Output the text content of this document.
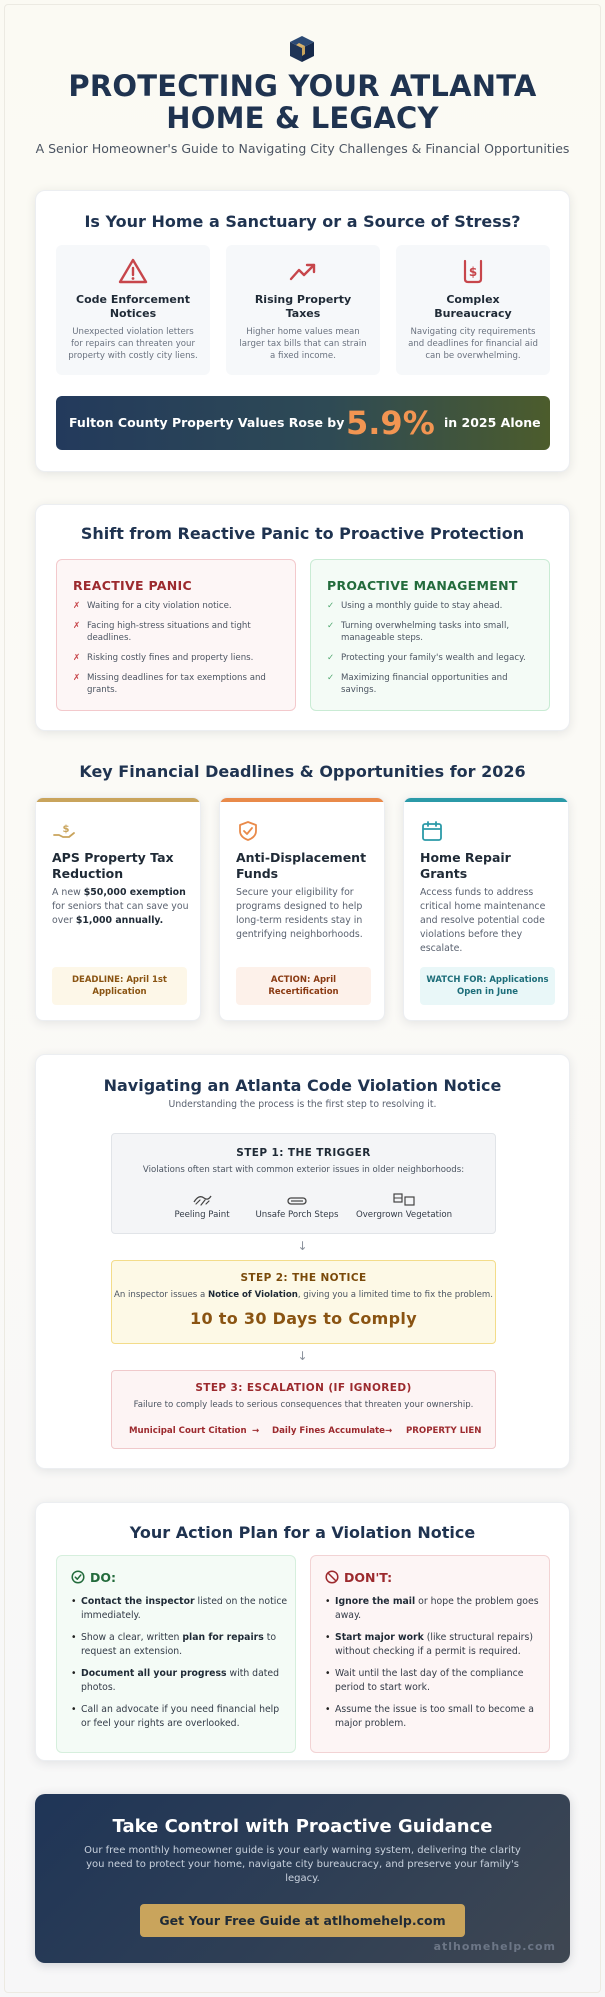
PROTECTING YOUR ATLANTA
HOME & LEGACY
A Senior Homeowner's Guide to Navigating City Challenges & Financial Opportunities
Is Your Home a Sanctuary or a Source of Stress?
Code Enforcement Notices
Unexpected violation letters for repairs can threaten your property with costly city liens.
Rising Property Taxes
Higher home values mean larger tax bills that can strain a fixed income.
$
Complex Bureaucracy
Navigating city requirements and deadlines for financial aid can be overwhelming.
Fulton County Property Values Rose by 5.9% in 2025 Alone
Shift from Reactive Panic to Proactive Protection
REACTIVE PANIC
✗ Waiting for a city violation notice.
✗ Facing high-stress situations and tight deadlines.
✗ Risking costly fines and property liens.
✗ Missing deadlines for tax exemptions and grants.
PROACTIVE MANAGEMENT
✓ Using a monthly guide to stay ahead.
✓ Turning overwhelming tasks into small, manageable steps.
✓ Protecting your family's wealth and legacy.
✓ Maximizing financial opportunities and savings.
Key Financial Deadlines & Opportunities for 2026
$
APS Property Tax Reduction
A new $50,000 exemption for seniors that can save you over $1,000 annually.
DEADLINE: April 1st
Application
Anti-Displacement Funds
Secure your eligibility for programs designed to help long-term residents stay in gentrifying neighborhoods.
ACTION: April
Recertification
Home Repair Grants
Access funds to address critical home maintenance and resolve potential code violations before they escalate.
WATCH FOR: Applications
Open in June
Navigating an Atlanta Code Violation Notice
Understanding the process is the first step to resolving it.
STEP 1: THE TRIGGER
Violations often start with common exterior issues in older neighborhoods:
Peeling Paint	Unsafe Porch Steps	Overgrown Vegetation
↓
STEP 2: THE NOTICE
An inspector issues a Notice of Violation, giving you a limited time to fix the problem.
10 to 30 Days to Comply
↓
STEP 3: ESCALATION (IF IGNORED)
Failure to comply leads to serious consequences that threaten your ownership.
Municipal Court Citation → Daily Fines Accumulate → PROPERTY LIEN
Your Action Plan for a Violation Notice
DO:
• Contact the inspector listed on the notice immediately.
• Show a clear, written plan for repairs to request an extension.
• Document all your progress with dated photos.
• Call an advocate if you need financial help or feel your rights are overlooked.
DON'T:
• Ignore the mail or hope the problem goes away.
• Start major work (like structural repairs) without checking if a permit is required.
• Wait until the last day of the compliance period to start work.
• Assume the issue is too small to become a major problem.
Take Control with Proactive Guidance
Our free monthly homeowner guide is your early warning system, delivering the clarity you need to protect your home, navigate city bureaucracy, and preserve your family's legacy.
Get Your Free Guide at atlhomehelp.com
atlhomehelp.com
